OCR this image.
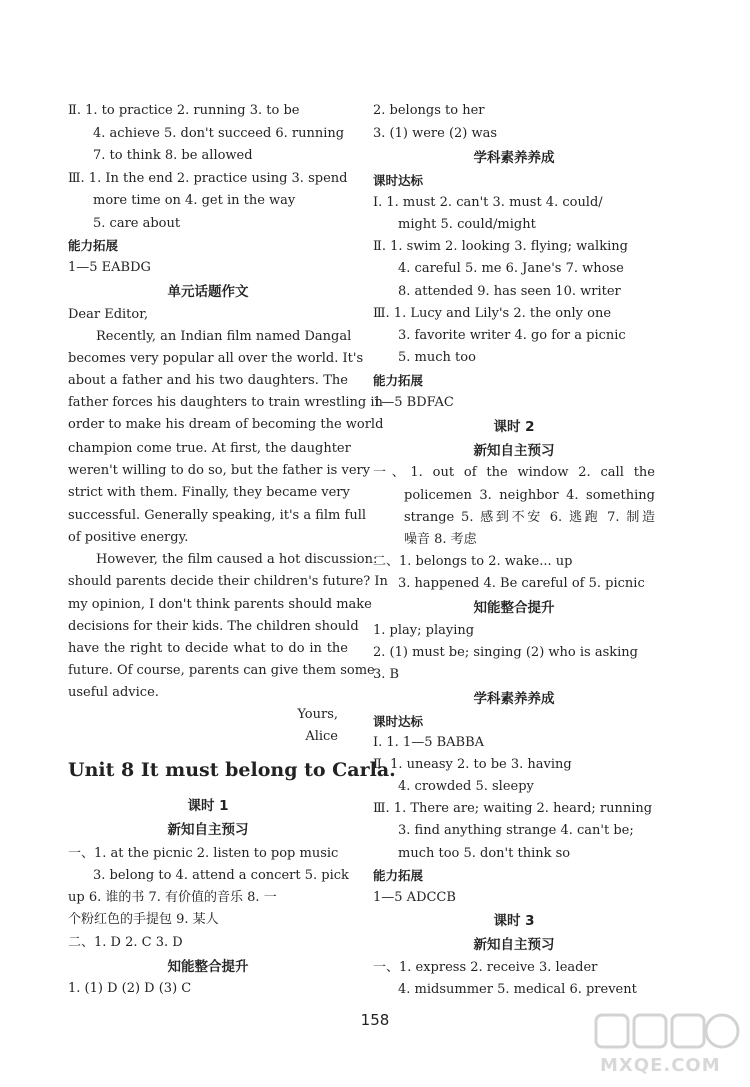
Ⅱ. 1. to practice 2. running 3. to be
4. achieve 5. don't succeed 6. running
7. to think 8. be allowed
Ⅲ. 1. In the end 2. practice using 3. spend
more time on 4. get in the way
5. care about
能力拓展
1—5 EABDG
单元话题作文
Dear Editor,
Recently, an Indian film named Dangal
becomes very popular all over the world. It's
about a father and his two daughters. The
father forces his daughters to train wrestling in
order to make his dream of becoming the world
champion come true. At first, the daughter
weren't willing to do so, but the father is very
strict with them. Finally, they became very
successful. Generally speaking, it's a film full
of positive energy.
However, the film caused a hot discussion:
should parents decide their children's future? In
my opinion, I don't think parents should make
decisions for their kids. The children should
have the right to decide what to do in the
future. Of course, parents can give them some
useful advice.
Yours,
Alice
Unit 8 It must belong to Carla.
课时 1
新知自主预习
一、1. at the picnic 2. listen to pop music
3. belong to 4. attend a concert 5. pick
up 6. 谁的书 7. 有价值的音乐 8. 一
个粉红色的手提包 9. 某人
二、1. D 2. C 3. D
知能整合提升
1. (1) D (2) D (3) C
2. belongs to her
3. (1) were (2) was
学科素养养成
课时达标
Ⅰ. 1. must 2. can't 3. must 4. could/
might 5. could/might
Ⅱ. 1. swim 2. looking 3. flying; walking
4. careful 5. me 6. Jane's 7. whose
8. attended 9. has seen 10. writer
Ⅲ. 1. Lucy and Lily's 2. the only one
3. favorite writer 4. go for a picnic
5. much too
能力拓展
1—5 BDFAC
课时 2
新知自主预习
一、1. out of the window 2. call the
policemen 3. neighbor 4. something
strange 5. 感到不安 6. 逃跑 7. 制造
噪音 8. 考虑
二、1. belongs to 2. wake... up
3. happened 4. Be careful of 5. picnic
知能整合提升
1. play; playing
2. (1) must be; singing (2) who is asking
3. B
学科素养养成
课时达标
Ⅰ. 1. 1—5 BABBA
Ⅱ. 1. uneasy 2. to be 3. having
4. crowded 5. sleepy
Ⅲ. 1. There are; waiting 2. heard; running
3. find anything strange 4. can't be;
much too 5. don't think so
能力拓展
1—5 ADCCB
课时 3
新知自主预习
一、1. express 2. receive 3. leader
4. midsummer 5. medical 6. prevent
158
MXQE.COM
